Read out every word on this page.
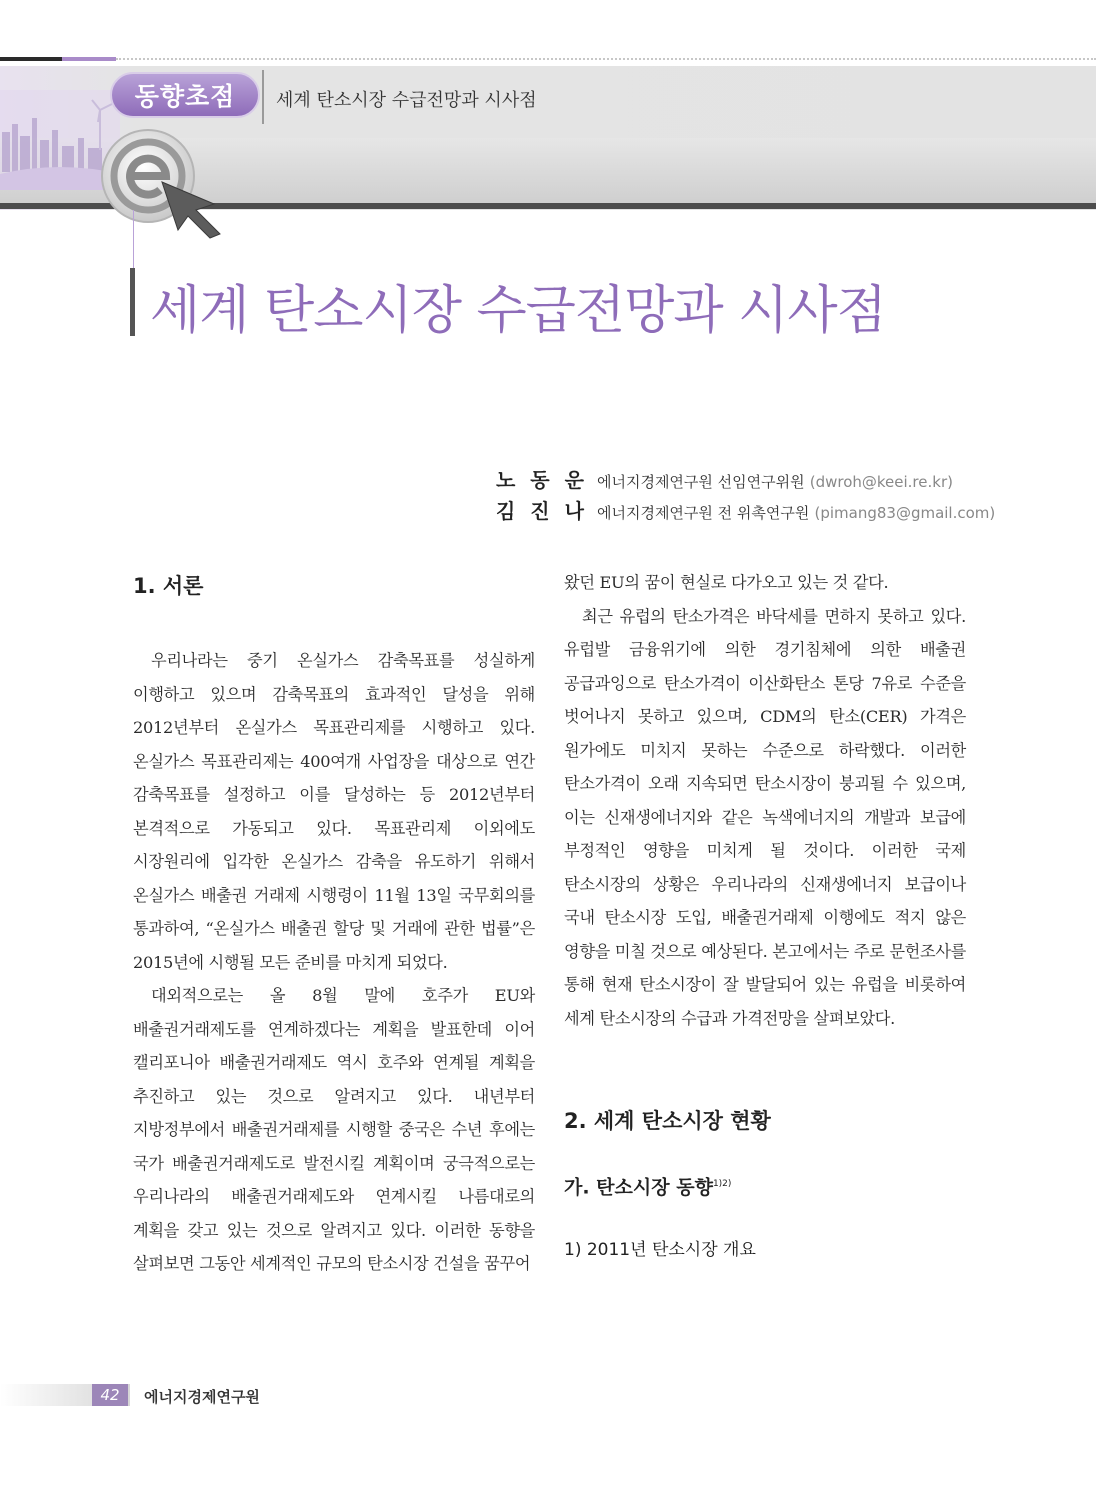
동향초점	세계 탄소시장 수급전망과 시사점
세계 탄소시장 수급전망과 시사점
노 동 운 에너지경제연구원 선임연구위원 (dwroh@keei.re.kr)
김 진 나 에너지경제연구원 전 위촉연구원 (pimang83@gmail.com)
1. 서론

우리나라는 중기 온실가스 감축목표를 성실하게 이행하고 있으며 감축목표의 효과적인 달성을 위해 2012년부터 온실가스 목표관리제를 시행하고 있다. 온실가스 목표관리제는 400여개 사업장을 대상으로 연간 감축목표를 설정하고 이를 달성하는 등 2012년부터 본격적으로 가동되고 있다. 목표관리제 이외에도 시장원리에 입각한 온실가스 감축을 유도하기 위해서 온실가스 배출권 거래제 시행령이 11월 13일 국무회의를 통과하여, “온실가스 배출권 할당 및 거래에 관한 법률”은 2015년에 시행될 모든 준비를 마치게 되었다.

대외적으로는 올 8월 말에 호주가 EU와 배출권거래제도를 연계하겠다는 계획을 발표한데 이어 캘리포니아 배출권거래제도 역시 호주와 연계될 계획을 추진하고 있는 것으로 알려지고 있다. 내년부터 지방정부에서 배출권거래제를 시행할 중국은 수년 후에는 국가 배출권거래제도로 발전시킬 계획이며 궁극적으로는 우리나라의 배출권거래제도와 연계시킬 나름대로의 계획을 갖고 있는 것으로 알려지고 있다. 이러한 동향을 살펴보면 그동안 세계적인 규모의 탄소시장 건설을 꿈꾸어

왔던 EU의 꿈이 현실로 다가오고 있는 것 같다.

최근 유럽의 탄소가격은 바닥세를 면하지 못하고 있다. 유럽발 금융위기에 의한 경기침체에 의한 배출권 공급과잉으로 탄소가격이 이산화탄소 톤당 7유로 수준을 벗어나지 못하고 있으며, CDM의 탄소(CER) 가격은 원가에도 미치지 못하는 수준으로 하락했다. 이러한 탄소가격이 오래 지속되면 탄소시장이 붕괴될 수 있으며, 이는 신재생에너지와 같은 녹색에너지의 개발과 보급에 부정적인 영향을 미치게 될 것이다. 이러한 국제 탄소시장의 상황은 우리나라의 신재생에너지 보급이나 국내 탄소시장 도입, 배출권거래제 이행에도 적지 않은 영향을 미칠 것으로 예상된다. 본고에서는 주로 문헌조사를 통해 현재 탄소시장이 잘 발달되어 있는 유럽을 비롯하여 세계 탄소시장의 수급과 가격전망을 살펴보았다.

2. 세계 탄소시장 현황
가. 탄소시장 동향$^{1)2)}$
1) 2011년 탄소시장 개요
42	에너지경제연구원
